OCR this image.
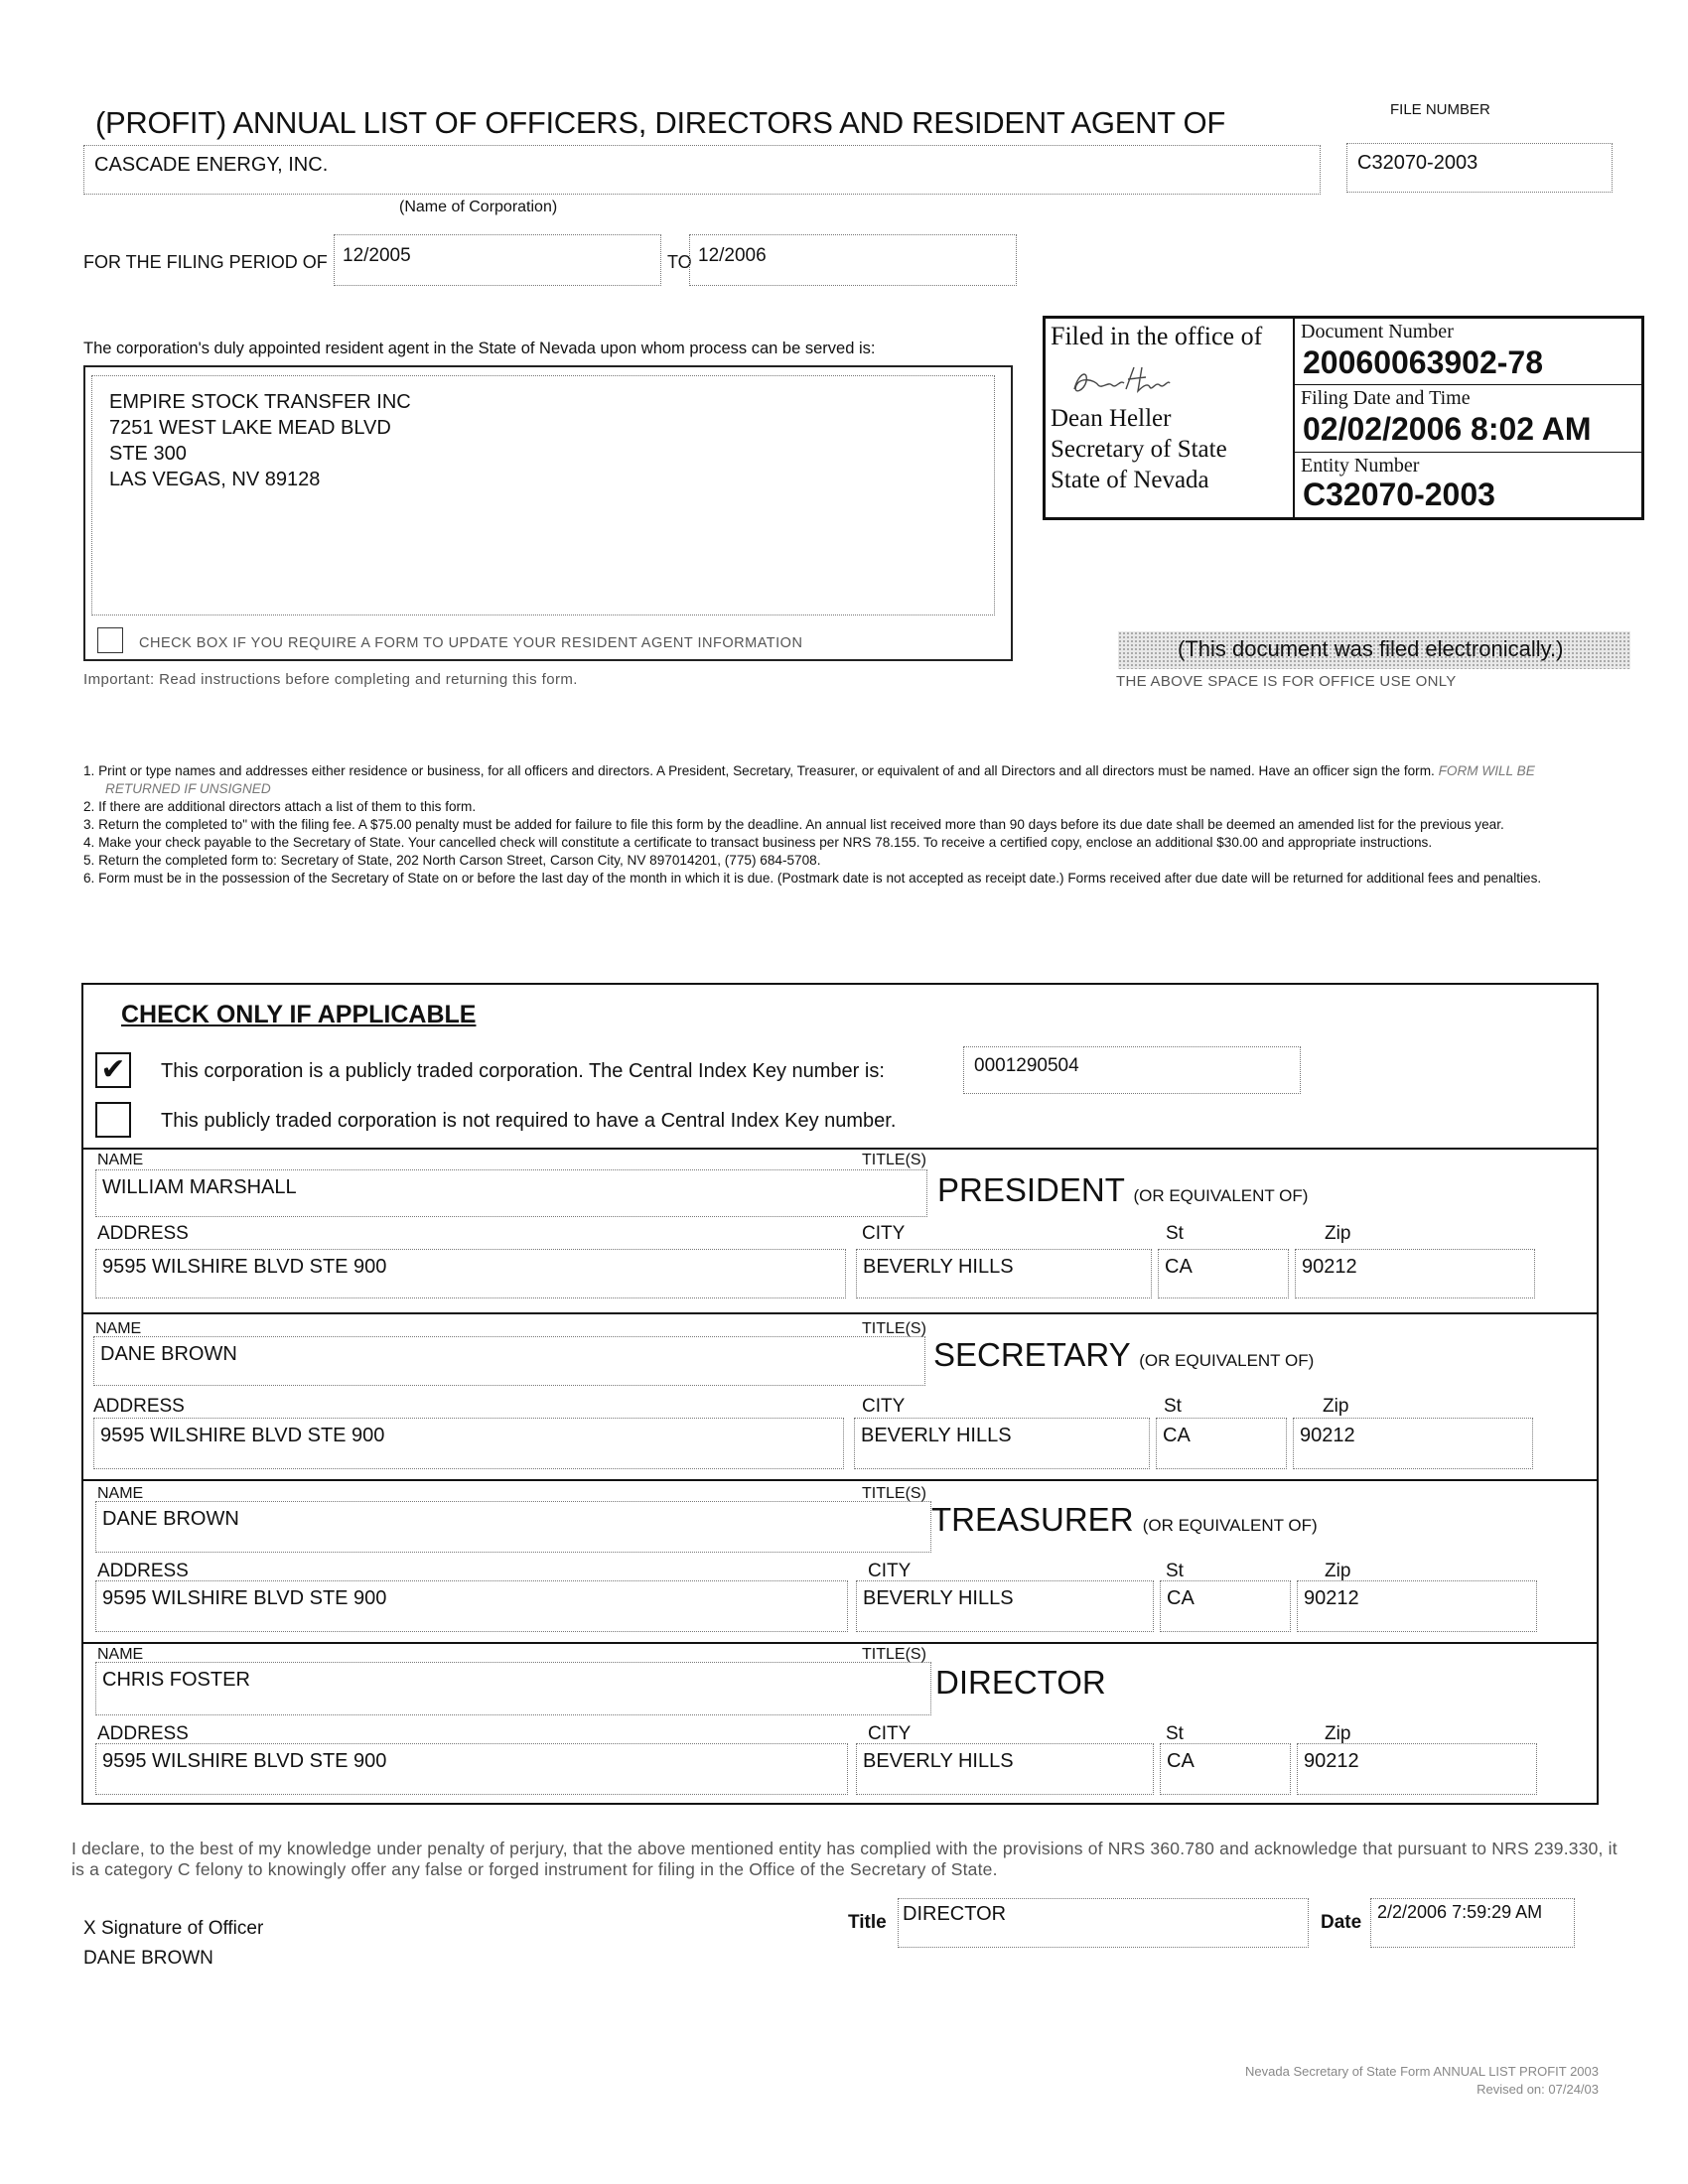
(PROFIT) ANNUAL LIST OF OFFICERS, DIRECTORS AND RESIDENT AGENT OF	FILE NUMBER
CASCADE ENERGY, INC.	C32070-2003
(Name of Corporation)
FOR THE FILING PERIOD OF 12/2005	TO 12/2006
The corporation's duly appointed resident agent in the State of Nevada upon whom process can be served is:
EMPIRE STOCK TRANSFER INC
7251 WEST LAKE MEAD BLVD
STE 300
LAS VEGAS, NV 89128
CHECK BOX IF YOU REQUIRE A FORM TO UPDATE YOUR RESIDENT AGENT INFORMATION
Important: Read instructions before completing and returning this form.
Filed in the office of
Dean Heller
Secretary of State
State of Nevada
Document Number
20060063902-78
Filing Date and Time
02/02/2006 8:02 AM
Entity Number
C32070-2003
(This document was filed electronically.)
THE ABOVE SPACE IS FOR OFFICE USE ONLY

1. Print or type names and addresses either residence or business, for all officers and directors. A President, Secretary, Treasurer, or equivalent of and all Directors and all directors must be named. Have an officer sign the form. FORM WILL BE RETURNED IF UNSIGNED

2. If there are additional directors attach a list of them to this form.

3. Return the completed to" with the filing fee. A $75.00 penalty must be added for failure to file this form by the deadline. An annual list received more than 90 days before its due date shall be deemed an amended list for the previous year.

4. Make your check payable to the Secretary of State. Your cancelled check will constitute a certificate to transact business per NRS 78.155. To receive a certified copy, enclose an additional $30.00 and appropriate instructions.

5. Return the completed form to: Secretary of State, 202 North Carson Street, Carson City, NV 897014201, (775) 684-5708.

6. Form must be in the possession of the Secretary of State on or before the last day of the month in which it is due. (Postmark date is not accepted as receipt date.) Forms received after due date will be returned for additional fees and penalties.

CHECK ONLY IF APPLICABLE
✔ This corporation is a publicly traded corporation. The Central Index Key number is:	0001290504
This publicly traded corporation is not required to have a Central Index Key number.
NAME	TITLE(S)
WILLIAM MARSHALL	PRESIDENT (OR EQUIVALENT OF)
ADDRESS	CITY	St	Zip
9595 WILSHIRE BLVD STE 900	BEVERLY HILLS	CA	90212
NAME	TITLE(S)
DANE BROWN	SECRETARY (OR EQUIVALENT OF)
ADDRESS	CITY	St	Zip
9595 WILSHIRE BLVD STE 900	BEVERLY HILLS	CA	90212
NAME	TITLE(S)
DANE BROWN	TREASURER (OR EQUIVALENT OF)
ADDRESS	CITY	St	Zip
9595 WILSHIRE BLVD STE 900	BEVERLY HILLS	CA	90212
NAME	TITLE(S)
CHRIS FOSTER	DIRECTOR
ADDRESS	CITY	St	Zip
9595 WILSHIRE BLVD STE 900	BEVERLY HILLS	CA	90212
I declare, to the best of my knowledge under penalty of perjury, that the above mentioned entity has complied with the provisions of NRS 360.780 and acknowledge that pursuant to NRS 239.330, it is a category C felony to knowingly offer any false or forged instrument for filing in the Office of the Secretary of State.
X Signature of Officer
DANE BROWN
Title DIRECTOR	Date 2/2/2006 7:59:29 AM
Nevada Secretary of State Form ANNUAL LIST PROFIT 2003
Revised on: 07/24/03
